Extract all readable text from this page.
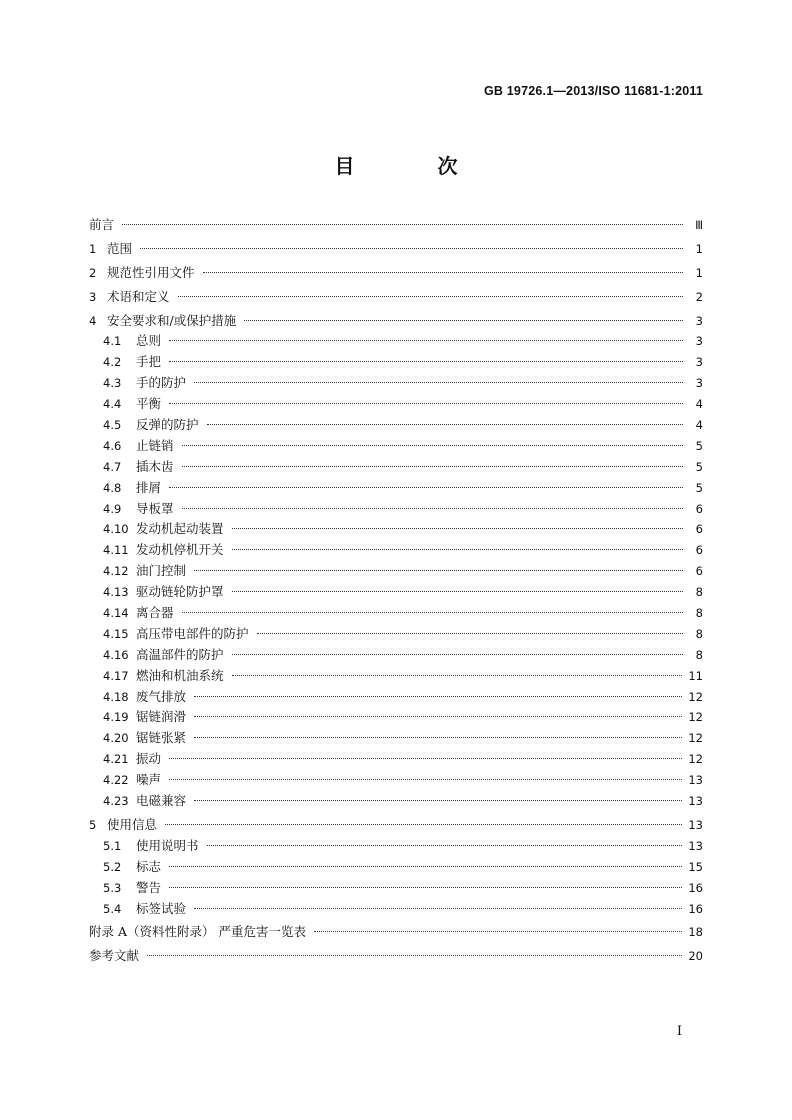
GB 19726.1—2013/ISO 11681-1:2011
目 次
前言	Ⅲ
1 范围	1
2 规范性引用文件	1
3 术语和定义	2
4 安全要求和/或保护措施	3
4.1	总则	3
4.2	手把	3
4.3	手的防护	3
4.4	平衡	4
4.5	反弹的防护	4
4.6	止链销	5
4.7	插木齿	5
4.8	排屑	5
4.9	导板罩	6
4.10 发动机起动装置	6
4.11 发动机停机开关	6
4.12 油门控制	6
4.13 驱动链轮防护罩	8
4.14 离合器	8
4.15 高压带电部件的防护	8
4.16 高温部件的防护	8
4.17 燃油和机油系统	11
4.18 废气排放	12
4.19 锯链润滑	12
4.20 锯链张紧	12
4.21 振动	12
4.22 噪声	13
4.23 电磁兼容	13
5 使用信息	13
5.1	使用说明书	13
5.2	标志	15
5.3	警告	16
5.4	标签试验	16
附录 A（资料性附录） 严重危害一览表	18
参考文献	20
I
